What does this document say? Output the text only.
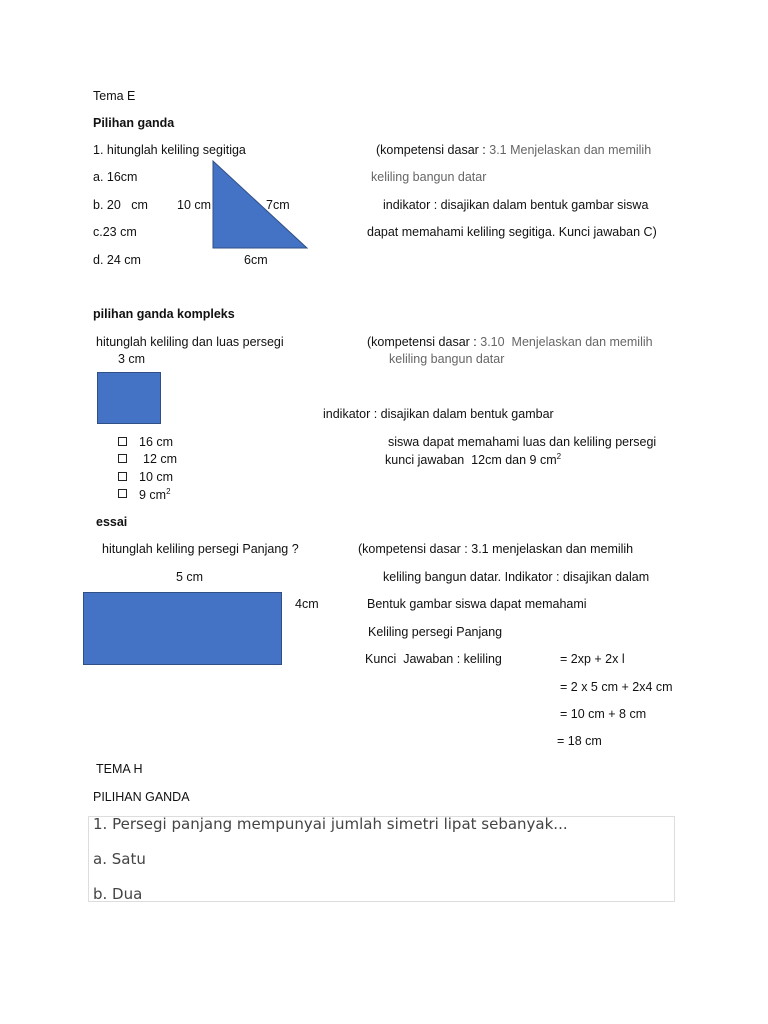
Tema E
Pilihan ganda
1. hitunglah keliling segitiga
a. 16cm
b. 20   cm
c.23 cm
d. 24 cm
10 cm	7cm
6cm
(kompetensi dasar : 3.1 Menjelaskan dan memilih
keliling bangun datar
indikator : disajikan dalam bentuk gambar siswa
dapat memahami keliling segitiga. Kunci jawaban C)
pilihan ganda kompleks
hitunglah keliling dan luas persegi
3 cm
(kompetensi dasar : 3.10  Menjelaskan dan memilih
keliling bangun datar
indikator : disajikan dalam bentuk gambar
siswa dapat memahami luas dan keliling persegi
kunci jawaban  12cm dan 9 $cm^2$
16 cm
12 cm
10 cm
9 $cm^2$
essai
hitunglah keliling persegi Panjang ?
5 cm
4cm
(kompetensi dasar : 3.1 menjelaskan dan memilih
keliling bangun datar. Indikator : disajikan dalam
Bentuk gambar siswa dapat memahami
Keliling persegi Panjang
Kunci  Jawaban : keliling	= 2xp + 2x l
= 2 x 5 cm + 2x4 cm
= 10 cm + 8 cm
= 18 cm
TEMA H
PILIHAN GANDA
1. Persegi panjang mempunyai jumlah simetri lipat sebanyak...
a. Satu
b. Dua
